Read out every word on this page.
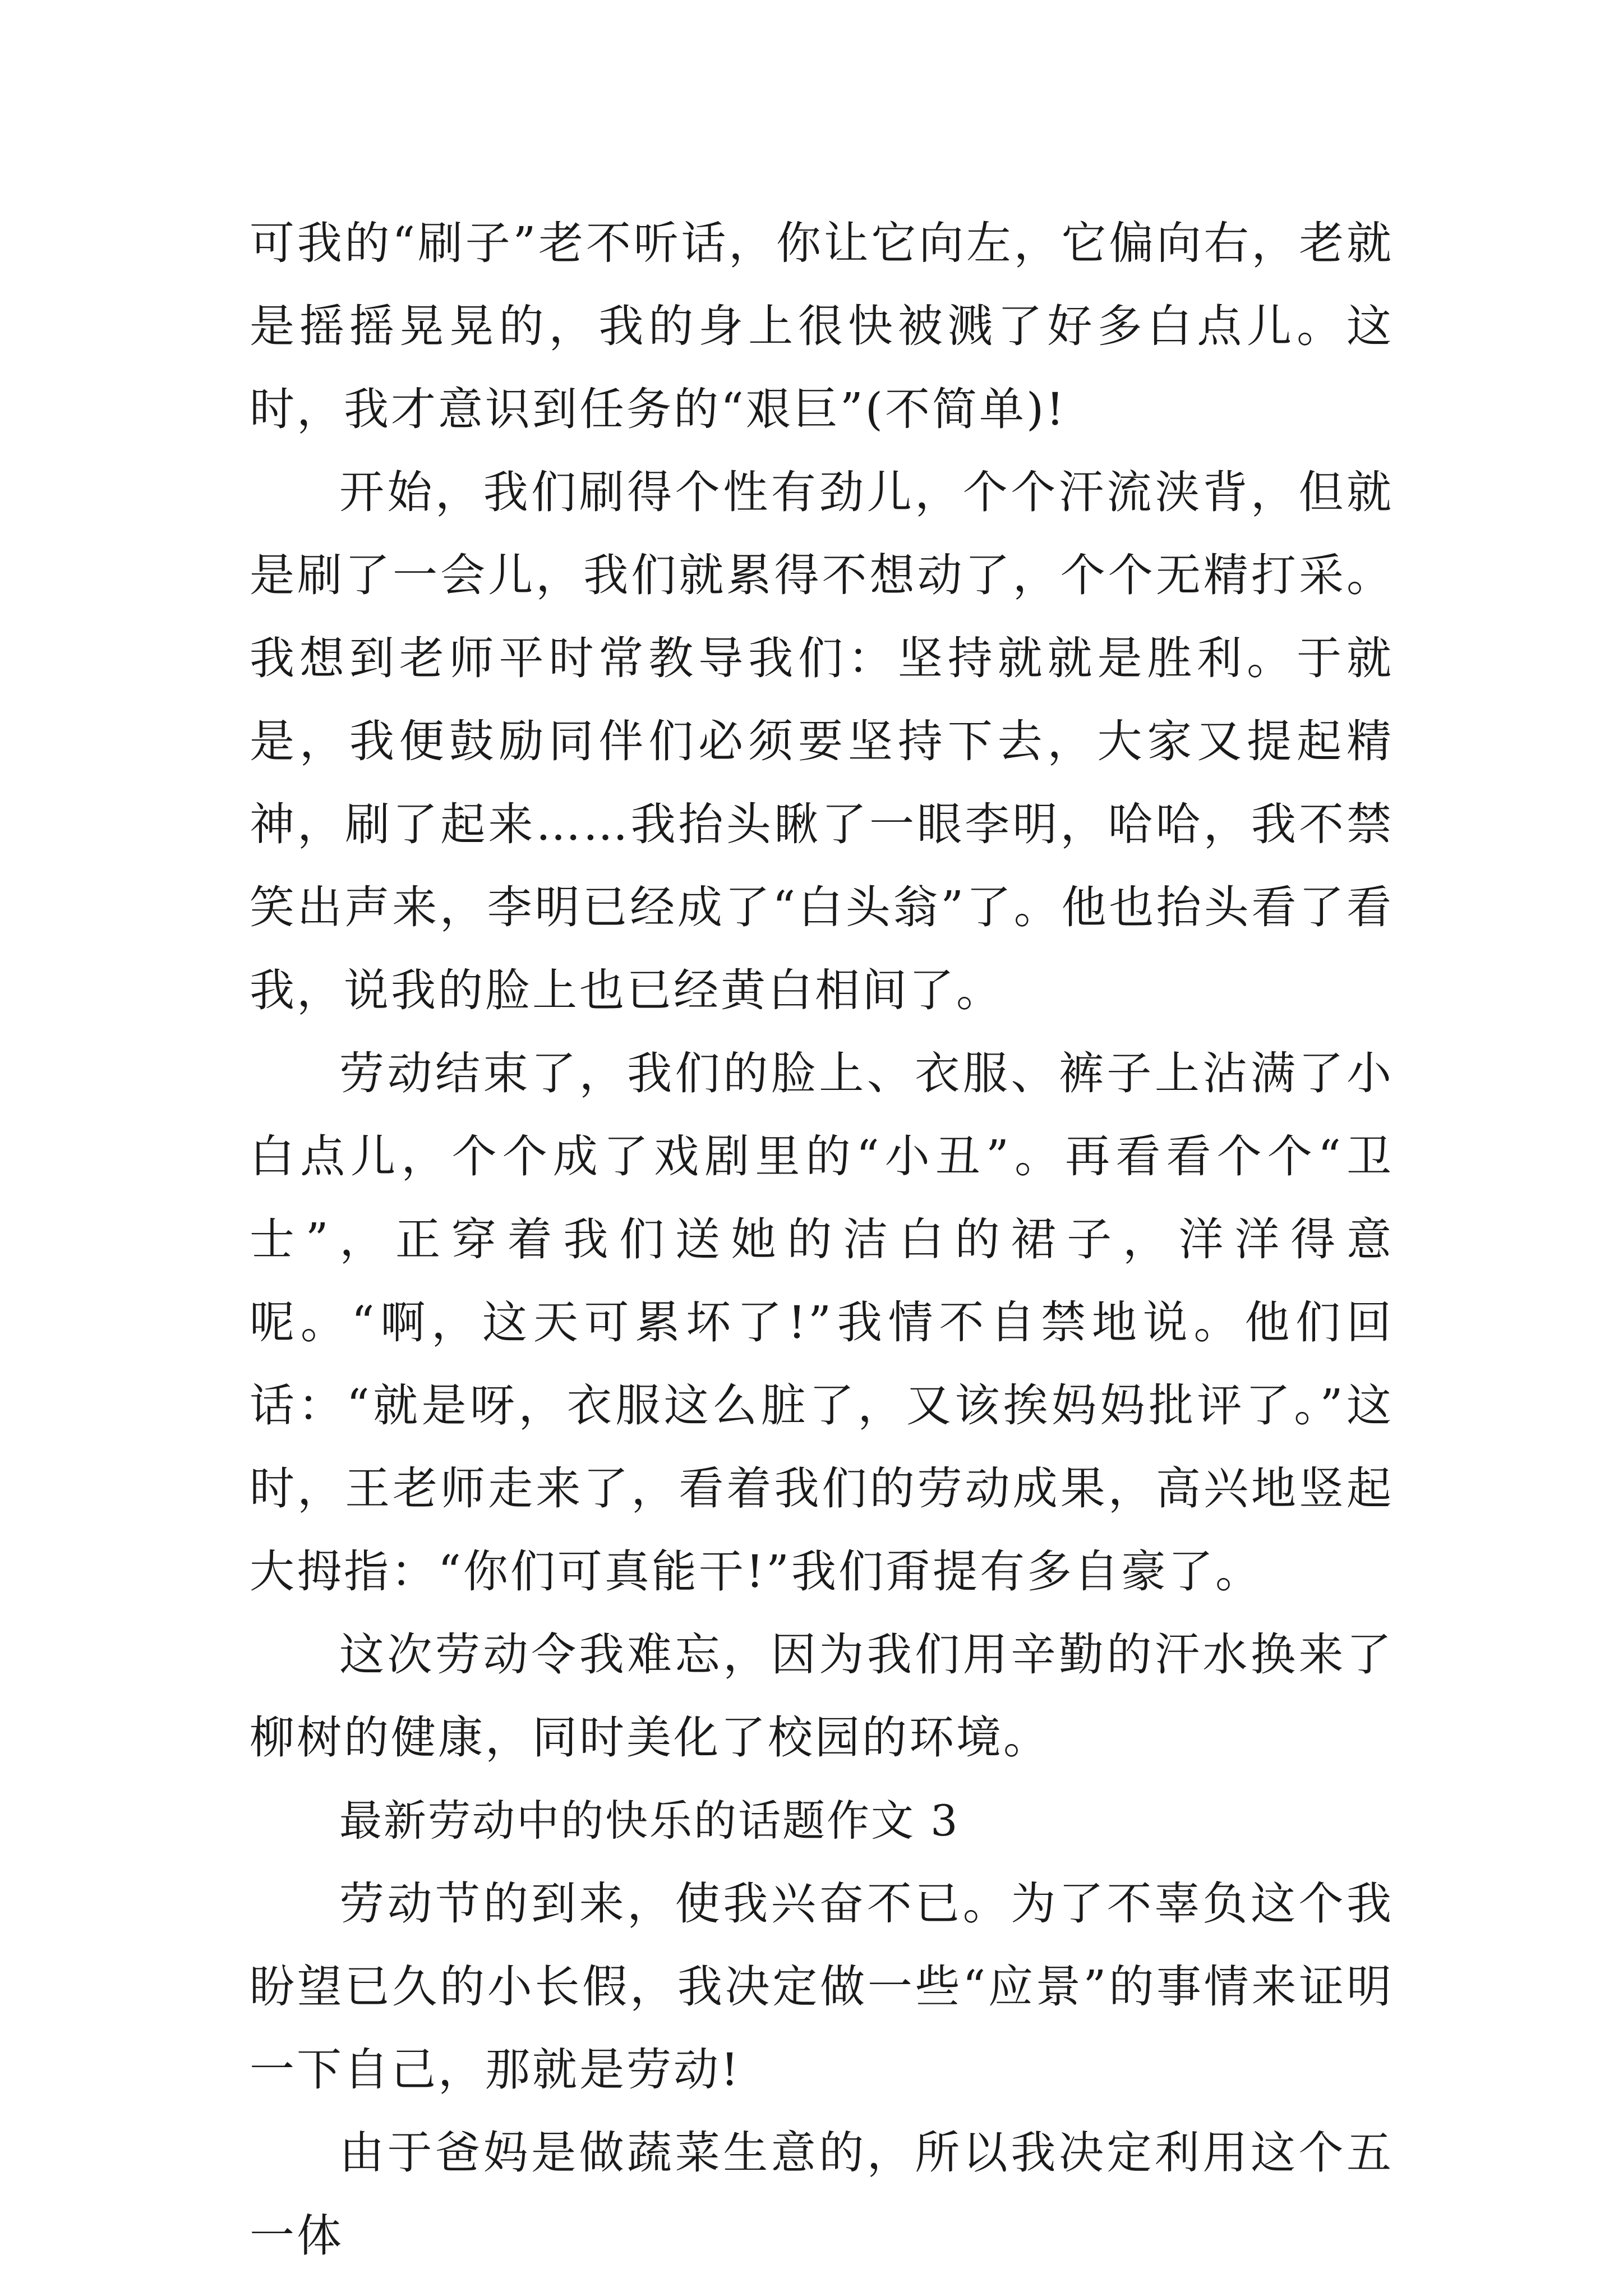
可我的“刷子”老不听话，你让它向左，它偏向右，老就是摇摇晃晃的，我的身上很快被溅了好多白点儿。这时，我才意识到任务的“艰巨”(不简单)!

开始，我们刷得个性有劲儿，个个汗流浃背，但就是刷了一会儿，我们就累得不想动了，个个无精打采。我想到老师平时常教导我们：坚持就就是胜利。于就是，我便鼓励同伴们必须要坚持下去，大家又提起精神，刷了起来……我抬头瞅了一眼李明，哈哈，我不禁笑出声来，李明已经成了“白头翁”了。他也抬头看了看我，说我的脸上也已经黄白相间了。

劳动结束了，我们的脸上、衣服、裤子上沾满了小白点儿，个个成了戏剧里的“小丑”。再看看个个“卫士”，正穿着我们送她的洁白的裙子，洋洋得意呢。“啊，这天可累坏了!”我情不自禁地说。他们回话：“就是呀，衣服这么脏了，又该挨妈妈批评了。”这时，王老师走来了，看着我们的劳动成果，高兴地竖起大拇指：“你们可真能干!”我们甭提有多自豪了。

这次劳动令我难忘，因为我们用辛勤的汗水换来了柳树的健康，同时美化了校园的环境。

最新劳动中的快乐的话题作文 3

劳动节的到来，使我兴奋不已。为了不辜负这个我盼望已久的小长假，我决定做一些“应景”的事情来证明一下自己，那就是劳动!

由于爸妈是做蔬菜生意的，所以我决定利用这个五一体
